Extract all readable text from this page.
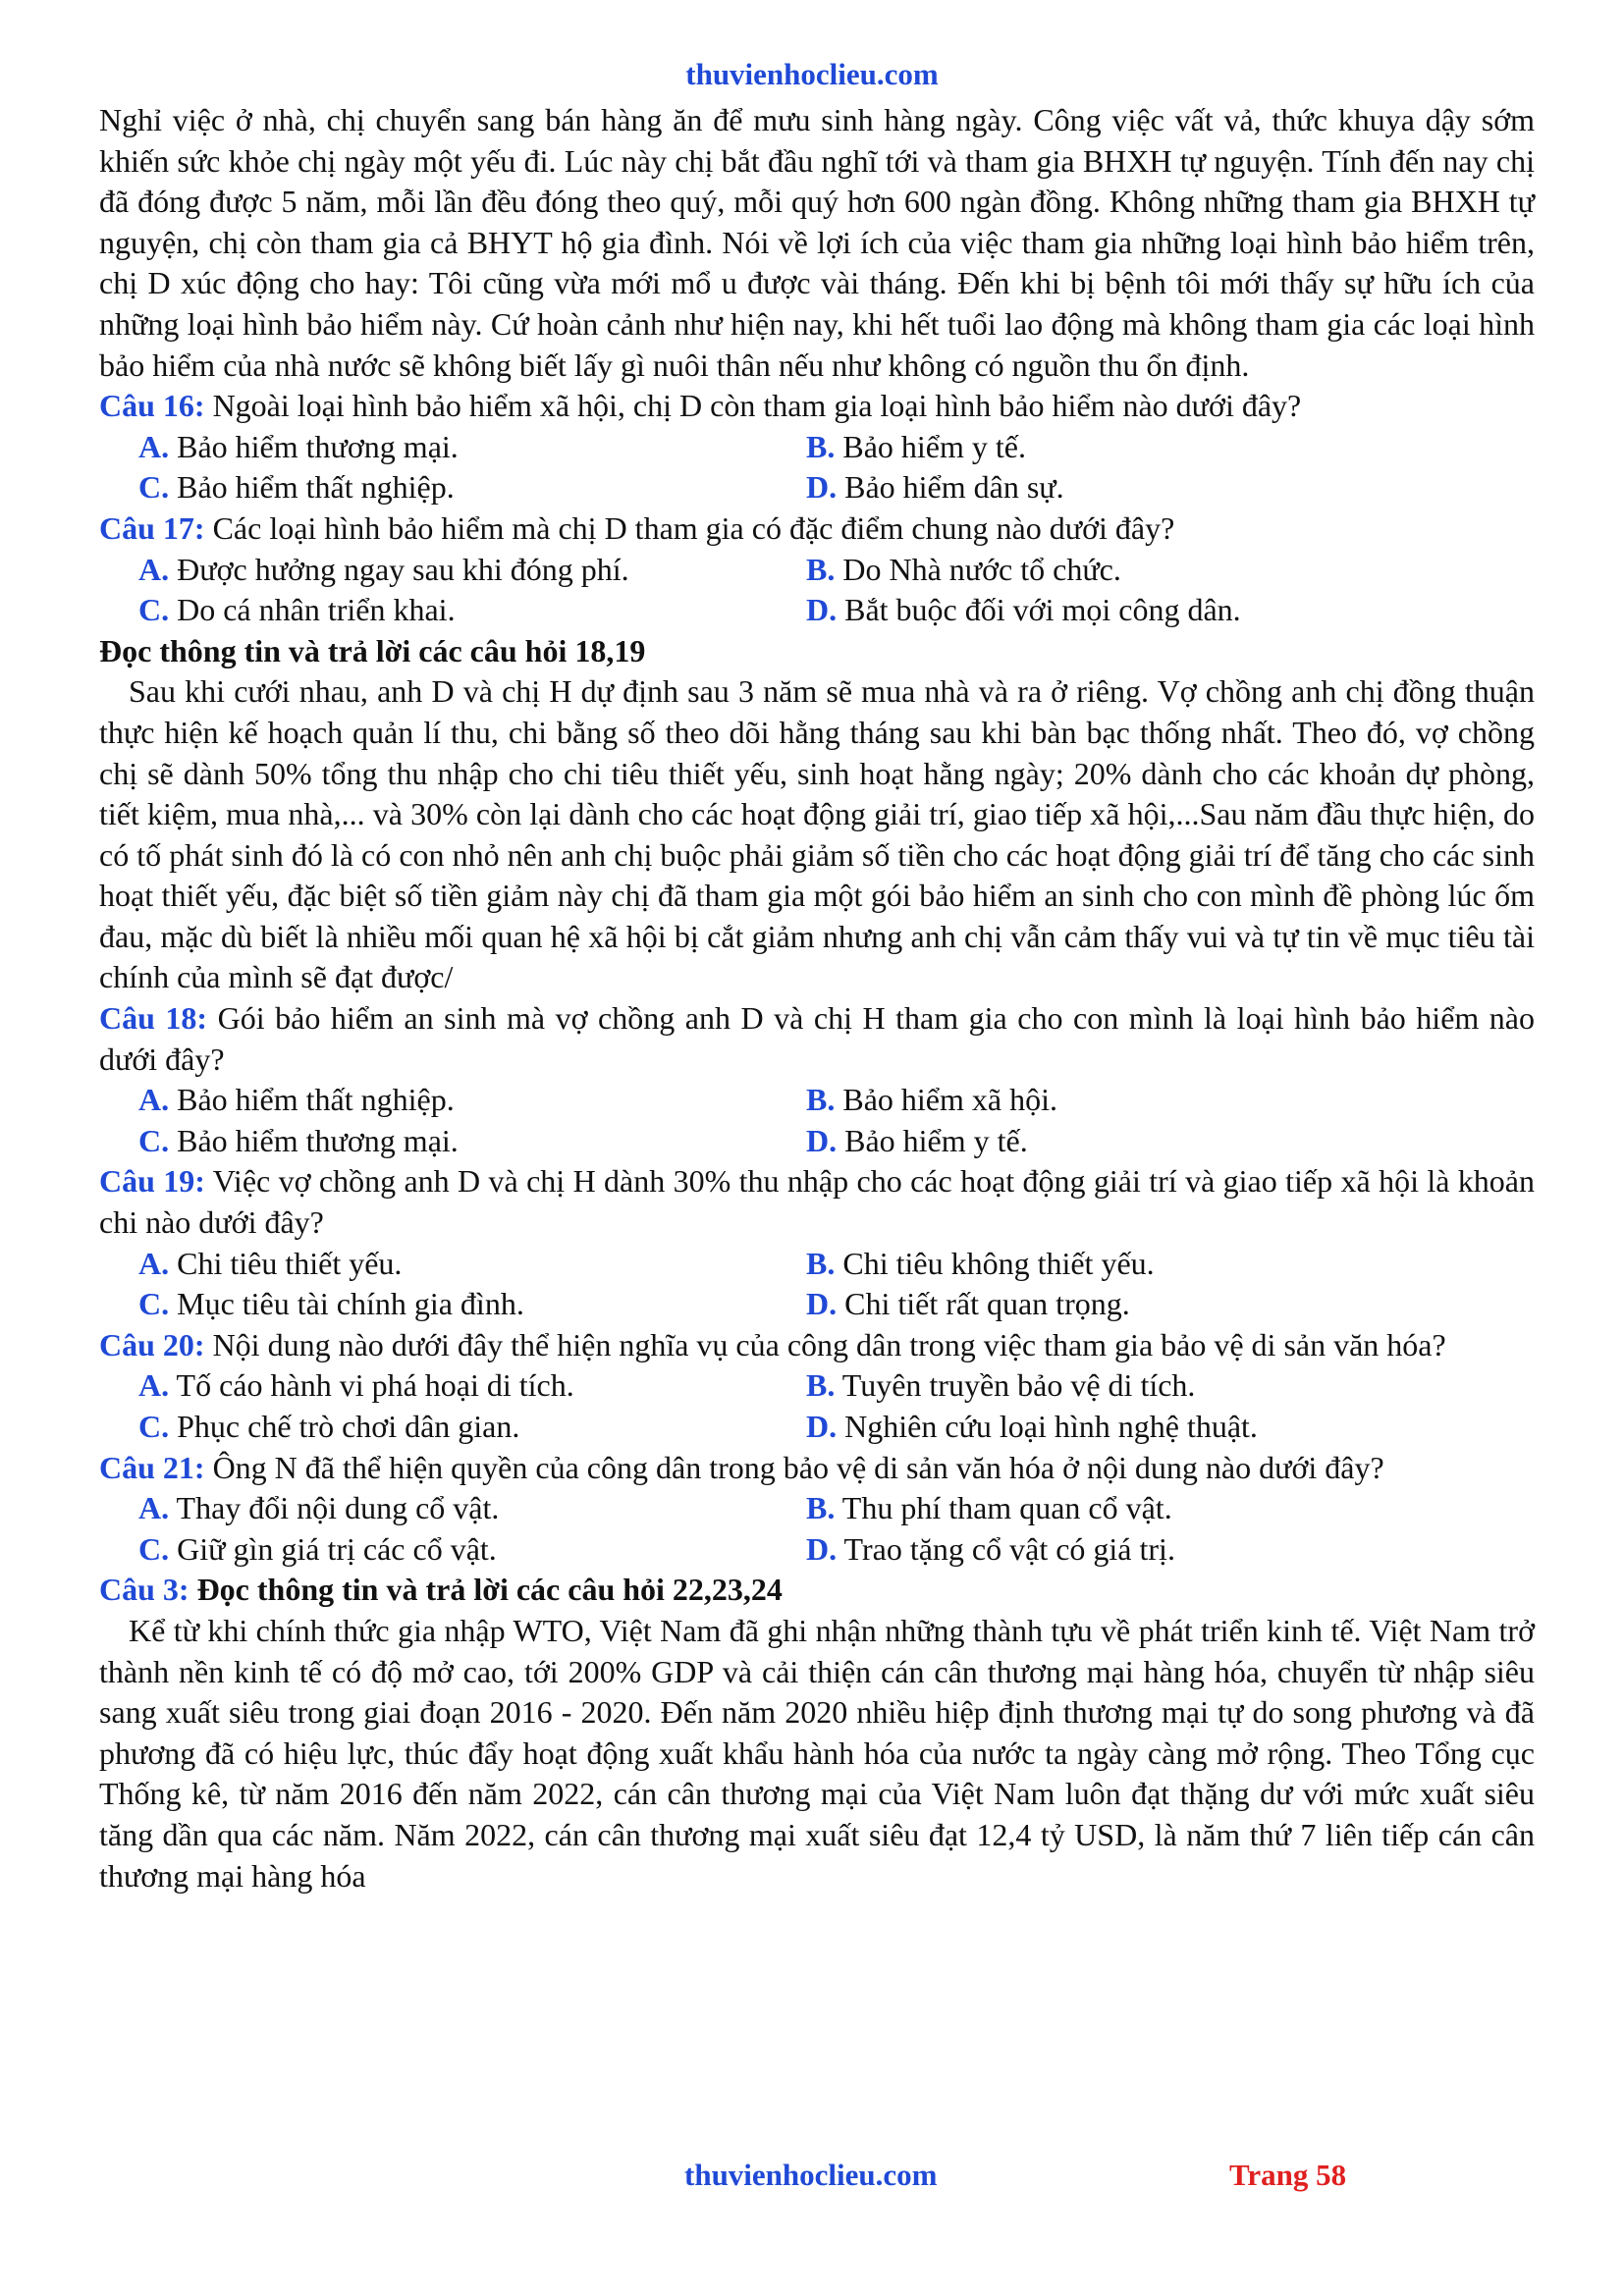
thuvienhoclieu.com

Nghỉ việc ở nhà, chị chuyển sang bán hàng ăn để mưu sinh hàng ngày. Công việc vất vả, thức khuya dậy sớm khiến sức khỏe chị ngày một yếu đi. Lúc này chị bắt đầu nghĩ tới và tham gia BHXH tự nguyện. Tính đến nay chị đã đóng được 5 năm, mỗi lần đều đóng theo quý, mỗi quý hơn 600 ngàn đồng. Không những tham gia BHXH tự nguyện, chị còn tham gia cả BHYT hộ gia đình. Nói về lợi ích của việc tham gia những loại hình bảo hiểm trên, chị D xúc động cho hay: Tôi cũng vừa mới mổ u được vài tháng. Đến khi bị bệnh tôi mới thấy sự hữu ích của những loại hình bảo hiểm này. Cứ hoàn cảnh như hiện nay, khi hết tuổi lao động mà không tham gia các loại hình bảo hiểm của nhà nước sẽ không biết lấy gì nuôi thân nếu như không có nguồn thu ổn định.

Câu 16: Ngoài loại hình bảo hiểm xã hội, chị D còn tham gia loại hình bảo hiểm nào dưới đây?

A. Bảo hiểm thương mại.	B. Bảo hiểm y tế.
C. Bảo hiểm thất nghiệp.	D. Bảo hiểm dân sự.

Câu 17: Các loại hình bảo hiểm mà chị D tham gia có đặc điểm chung nào dưới đây?

A. Được hưởng ngay sau khi đóng phí.	B. Do Nhà nước tổ chức.
C. Do cá nhân triển khai.	D. Bắt buộc đối với mọi công dân.

Đọc thông tin và trả lời các câu hỏi 18,19

Sau khi cưới nhau, anh D và chị H dự định sau 3 năm sẽ mua nhà và ra ở riêng. Vợ chồng anh chị đồng thuận thực hiện kế hoạch quản lí thu, chi bằng số theo dõi hằng tháng sau khi bàn bạc thống nhất. Theo đó, vợ chồng chị sẽ dành 50% tổng thu nhập cho chi tiêu thiết yếu, sinh hoạt hằng ngày; 20% dành cho các khoản dự phòng, tiết kiệm, mua nhà,... và 30% còn lại dành cho các hoạt động giải trí, giao tiếp xã hội,...Sau năm đầu thực hiện, do có tố phát sinh đó là có con nhỏ nên anh chị buộc phải giảm số tiền cho các hoạt động giải trí để tăng cho các sinh hoạt thiết yếu, đặc biệt số tiền giảm này chị đã tham gia một gói bảo hiểm an sinh cho con mình đề phòng lúc ốm đau, mặc dù biết là nhiều mối quan hệ xã hội bị cắt giảm nhưng anh chị vẫn cảm thấy vui và tự tin về mục tiêu tài chính của mình sẽ đạt được/

Câu 18: Gói bảo hiểm an sinh mà vợ chồng anh D và chị H tham gia cho con mình là loại hình bảo hiểm nào dưới đây?

A. Bảo hiểm thất nghiệp.	B. Bảo hiểm xã hội.
C. Bảo hiểm thương mại.	D. Bảo hiểm y tế.

Câu 19: Việc vợ chồng anh D và chị H dành 30% thu nhập cho các hoạt động giải trí và giao tiếp xã hội là khoản chi nào dưới đây?

A. Chi tiêu thiết yếu.	B. Chi tiêu không thiết yếu.
C. Mục tiêu tài chính gia đình.	D. Chi tiết rất quan trọng.

Câu 20: Nội dung nào dưới đây thể hiện nghĩa vụ của công dân trong việc tham gia bảo vệ di sản văn hóa?

A. Tố cáo hành vi phá hoại di tích.	B. Tuyên truyền bảo vệ di tích.
C. Phục chế trò chơi dân gian.	D. Nghiên cứu loại hình nghệ thuật.

Câu 21: Ông N đã thể hiện quyền của công dân trong bảo vệ di sản văn hóa ở nội dung nào dưới đây?

A. Thay đổi nội dung cổ vật.	B. Thu phí tham quan cổ vật.
C. Giữ gìn giá trị các cổ vật.	D. Trao tặng cổ vật có giá trị.

Câu 3: Đọc thông tin và trả lời các câu hỏi 22,23,24

Kể từ khi chính thức gia nhập WTO, Việt Nam đã ghi nhận những thành tựu về phát triển kinh tế. Việt Nam trở thành nền kinh tế có độ mở cao, tới 200% GDP và cải thiện cán cân thương mại hàng hóa, chuyển từ nhập siêu sang xuất siêu trong giai đoạn 2016 - 2020. Đến năm 2020 nhiều hiệp định thương mại tự do song phương và đã phương đã có hiệu lực, thúc đẩy hoạt động xuất khẩu hành hóa của nước ta ngày càng mở rộng. Theo Tổng cục Thống kê, từ năm 2016 đến năm 2022, cán cân thương mại của Việt Nam luôn đạt thặng dư với mức xuất siêu tăng dần qua các năm. Năm 2022, cán cân thương mại xuất siêu đạt 12,4 tỷ USD, là năm thứ 7 liên tiếp cán cân thương mại hàng hóa

thuvienhoclieu.com	Trang 58
